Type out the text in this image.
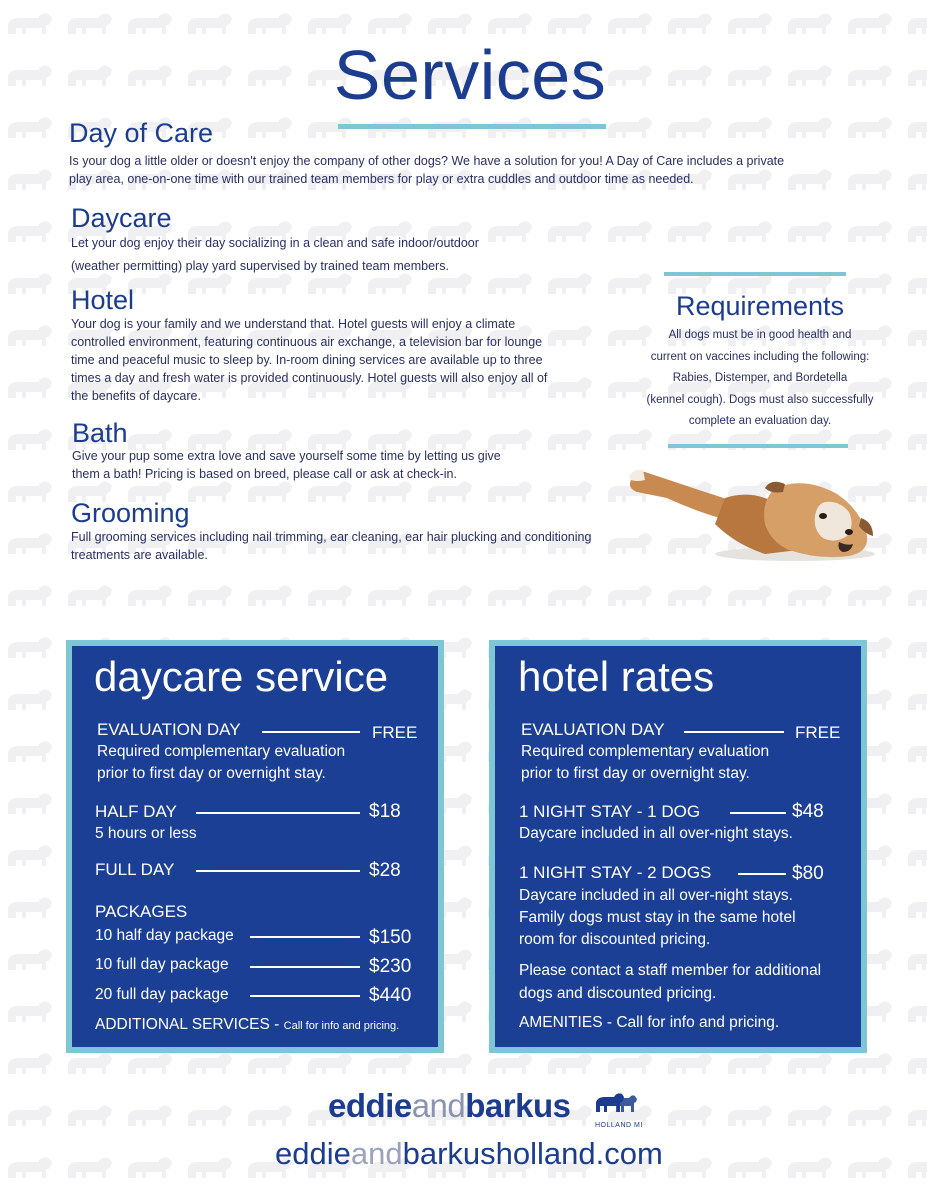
Services
Day of Care
Is your dog a little older or doesn't enjoy the company of other dogs? We have a solution for you! A Day of Care includes a private
play area, one-on-one time with our trained team members for play or extra cuddles and outdoor time as needed.
Daycare
Let your dog enjoy their day socializing in a clean and safe indoor/outdoor
(weather permitting) play yard supervised by trained team members.
Hotel
Your dog is your family and we understand that. Hotel guests will enjoy a climate
controlled environment, featuring continuous air exchange, a television bar for lounge
time and peaceful music to sleep by. In-room dining services are available up to three
times a day and fresh water is provided continuously. Hotel guests will also enjoy all of
the benefits of daycare.
Bath
Give your pup some extra love and save yourself some time by letting us give
them a bath! Pricing is based on breed, please call or ask at check-in.
Grooming
Full grooming services including nail trimming, ear cleaning, ear hair plucking and conditioning
treatments are available.
Requirements
All dogs must be in good health and
current on vaccines including the following:
Rabies, Distemper, and Bordetella
(kennel cough). Dogs must also successfully
complete an evaluation day.
daycare service
EVALUATION DAY	FREE
Required complementary evaluation
prior to first day or overnight stay.
HALF DAY	$18
5 hours or less
FULL DAY	$28
PACKAGES
10 half day package	$150
10 full day package	$230
20 full day package	$440
ADDITIONAL SERVICES - Call for info and pricing.
hotel rates
EVALUATION DAY	FREE
Required complementary evaluation
prior to first day or overnight stay.
1 NIGHT STAY - 1 DOG	$48
Daycare included in all over-night stays.
1 NIGHT STAY - 2 DOGS	$80
Daycare included in all over-night stays.
Family dogs must stay in the same hotel
room for discounted pricing.
Please contact a staff member for additional
dogs and discounted pricing.
AMENITIES - Call for info and pricing.
eddieandbarkus
HOLLAND MI
eddieandbarkusholland.com
